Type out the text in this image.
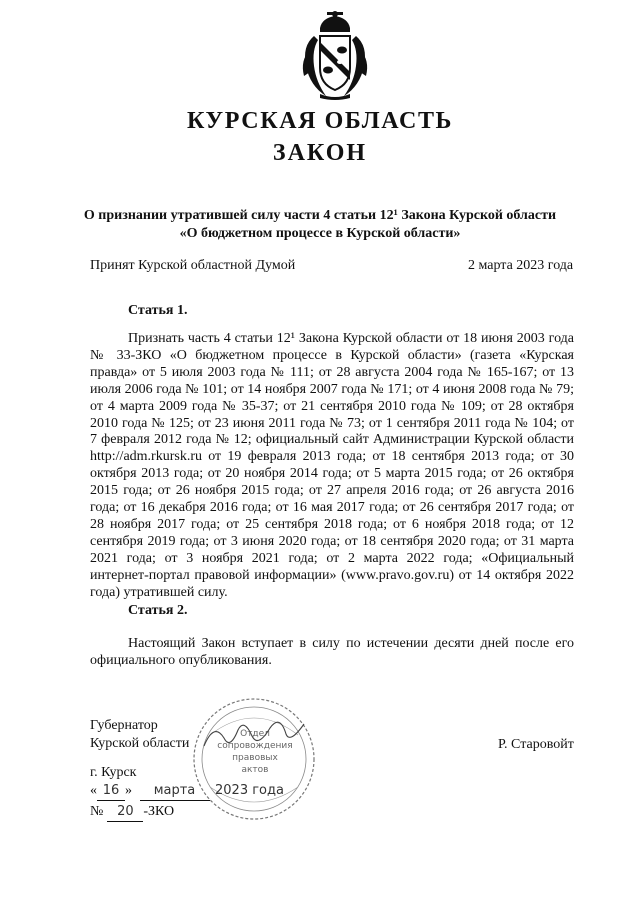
КУРСКАЯ ОБЛАСТЬ
ЗАКОН
О признании утратившей силу части 4 статьи 12¹ Закона Курской области
«О бюджетном процессе в Курской области»
Принят Курской областной Думой	2 марта 2023 года
Статья 1.
Признать часть 4 статьи 12¹ Закона Курской области от 18 июня 2003 года № 33-ЗКО «О бюджетном процессе в Курской области» (газета «Курская правда» от 5 июля 2003 года № 111; от 28 августа 2004 года № 165-167; от 13 июля 2006 года № 101; от 14 ноября 2007 года № 171; от 4 июня 2008 года № 79; от 4 марта 2009 года № 35-37; от 21 сентября 2010 года № 109; от 28 октября 2010 года № 125; от 23 июня 2011 года № 73; от 1 сентября 2011 года № 104; от 7 февраля 2012 года № 12; официальный сайт Администрации Курской области http://adm.rkursk.ru от 19 февраля 2013 года; от 18 сентября 2013 года; от 30 октября 2013 года; от 20 ноября 2014 года; от 5 марта 2015 года; от 26 октября 2015 года; от 26 ноября 2015 года; от 27 апреля 2016 года; от 26 августа 2016 года; от 16 декабря 2016 года; от 16 мая 2017 года; от 26 сентября 2017 года; от 28 ноября 2017 года; от 25 сентября 2018 года; от 6 ноября 2018 года; от 12 сентября 2019 года; от 3 июня 2020 года; от 18 сентября 2020 года; от 31 марта 2021 года; от 3 ноября 2021 года; от 2 марта 2022 года; «Официальный интернет-портал правовой информации» (www.pravo.gov.ru) от 14 октября 2022 года) утратившей силу.
Статья 2.
Настоящий Закон вступает в силу по истечении десяти дней после его официального опубликования.
Отдел
сопровождения
правовых
актов
Губернатор
Курской области	Р. Старовойт
г. Курск
« 16 » марта 2023 года
№ 20 -ЗКО
